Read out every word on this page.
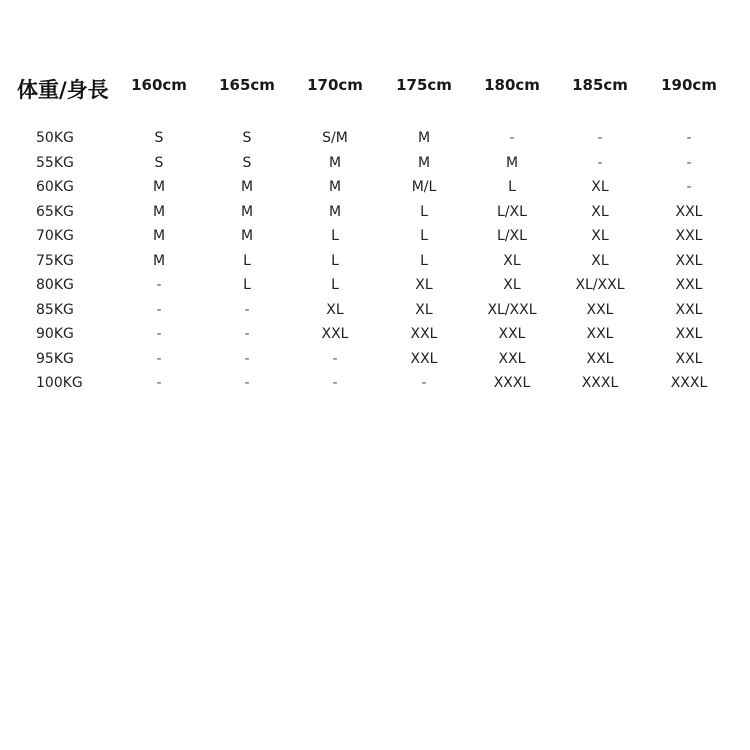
体重/身長	160cm	165cm	170cm	175cm	180cm	185cm	190cm
50KG	S	S	S/M	M	-	-	-
55KG	S	S	M	M	M	-	-
60KG	M	M	M	M/L	L	XL	-
65KG	M	M	M	L	L/XL	XL	XXL
70KG	M	M	L	L	L/XL	XL	XXL
75KG	M	L	L	L	XL	XL	XXL
80KG	-	L	L	XL	XL	XL/XXL	XXL
85KG	-	-	XL	XL	XL/XXL	XXL	XXL
90KG	-	-	XXL	XXL	XXL	XXL	XXL
95KG	-	-	-	XXL	XXL	XXL	XXL
100KG	-	-	-	-	XXXL	XXXL	XXXL
